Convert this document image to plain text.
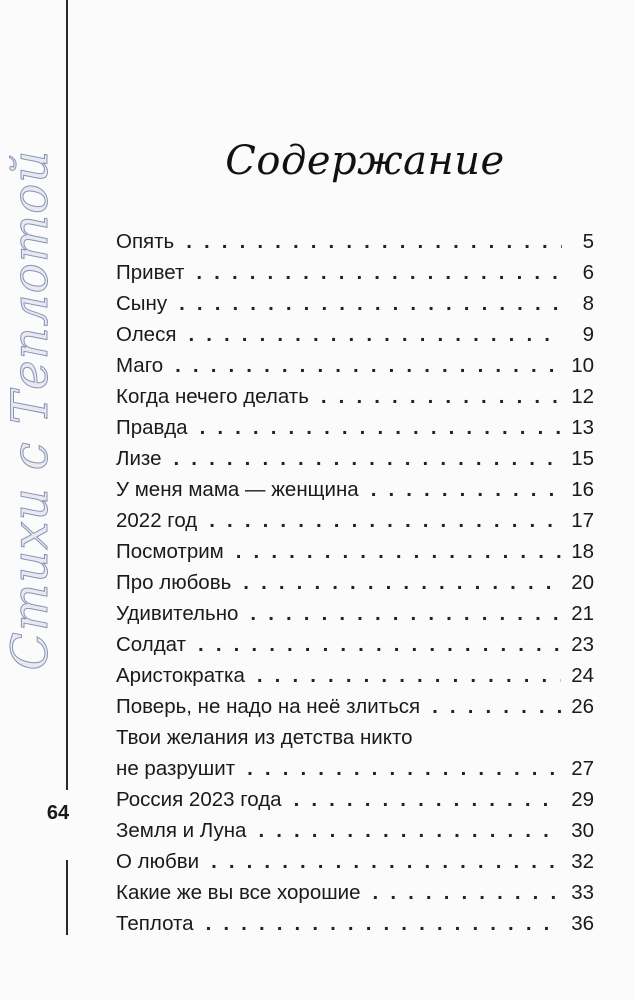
Стихи с Теплотой
64
Содержание
Опять . . .	5
Привет . . .	6
Сыну . . .	8
Олеся . . .	9
Маго . . .	10
Когда нечего делать . . .	12
Правда . . .	13
Лизе . . .	15
У меня мама — женщина . . .	16
2022 год . . .	17
Посмотрим . . .	18
Про любовь . . .	20
Удивительно . . .	21
Солдат . . .	23
Аристократка . . .	24
Поверь, не надо на неё злиться . . .	26
Твои желания из детства никто
не разрушит . . .	27
Россия 2023 года . . .	29
Земля и Луна . . .	30
О любви . . .	32
Какие же вы все хорошие . . .	33
Теплота . . .	36
